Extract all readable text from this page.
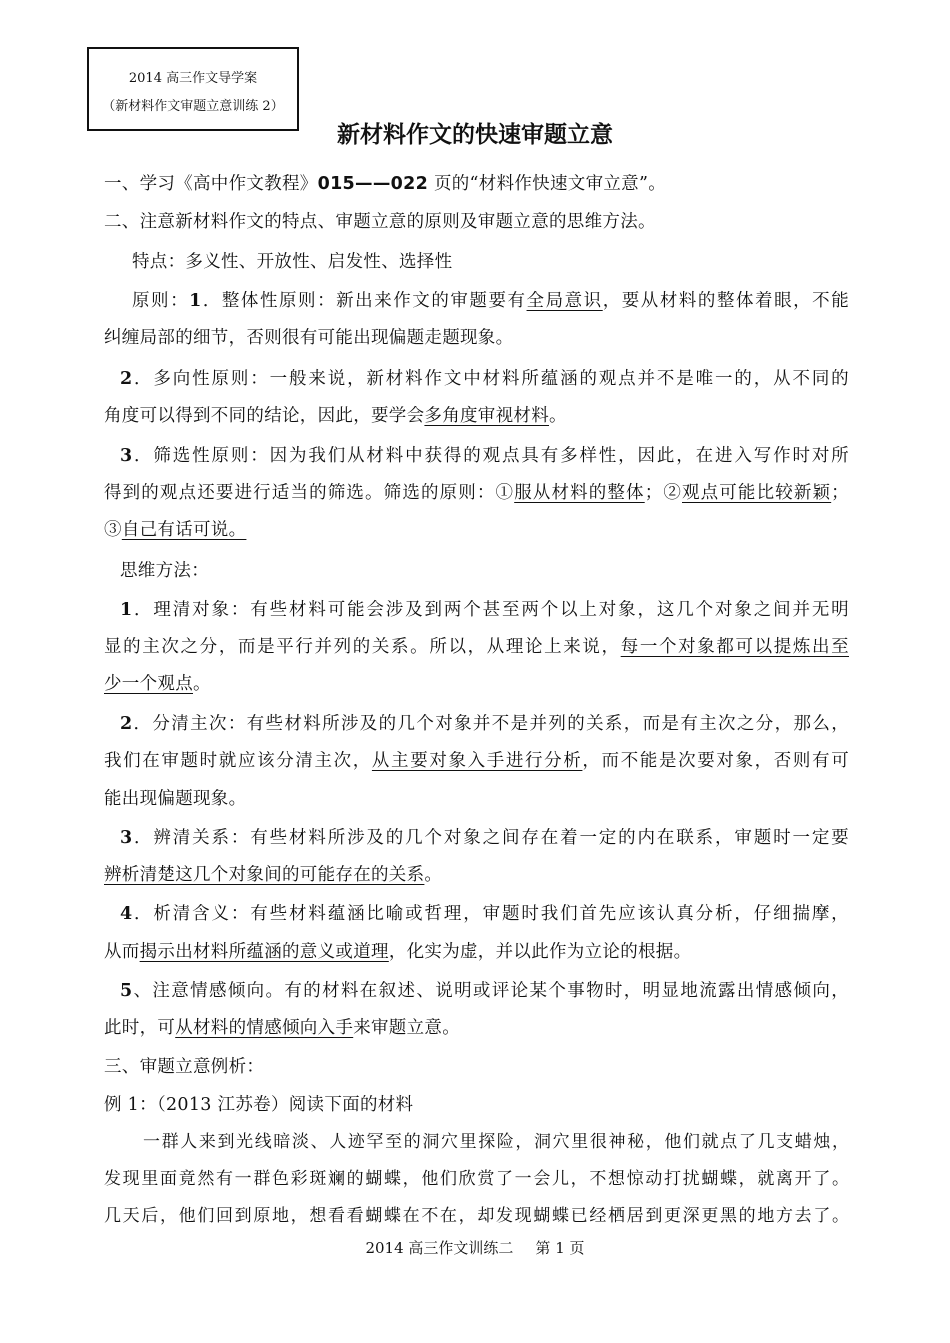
2014 高三作文导学案
（新材料作文审题立意训练 2）
新材料作文的快速审题立意
一、学习《高中作文教程》015——022 页的“材料作快速文审立意”。
二、注意新材料作文的特点、审题立意的原则及审题立意的思维方法。
特点：多义性、开放性、启发性、选择性
原则：1．整体性原则：新出来作文的审题要有全局意识，要从材料的整体着眼，不能
纠缠局部的细节，否则很有可能出现偏题走题现象。
2．多向性原则：一般来说，新材料作文中材料所蕴涵的观点并不是唯一的，从不同的
角度可以得到不同的结论，因此，要学会多角度审视材料。
3．筛选性原则：因为我们从材料中获得的观点具有多样性，因此，在进入写作时对所
得到的观点还要进行适当的筛选。筛选的原则：①服从材料的整体；②观点可能比较新颖；
③自己有话可说。
思维方法：
1．理清对象：有些材料可能会涉及到两个甚至两个以上对象，这几个对象之间并无明
显的主次之分，而是平行并列的关系。所以，从理论上来说，每一个对象都可以提炼出至
少一个观点。
2．分清主次：有些材料所涉及的几个对象并不是并列的关系，而是有主次之分，那么，
我们在审题时就应该分清主次，从主要对象入手进行分析，而不能是次要对象，否则有可
能出现偏题现象。
3．辨清关系：有些材料所涉及的几个对象之间存在着一定的内在联系，审题时一定要
辨析清楚这几个对象间的可能存在的关系。
4．析清含义：有些材料蕴涵比喻或哲理，审题时我们首先应该认真分析，仔细揣摩，
从而揭示出材料所蕴涵的意义或道理，化实为虚，并以此作为立论的根据。
5、注意情感倾向。有的材料在叙述、说明或评论某个事物时，明显地流露出情感倾向，
此时，可从材料的情感倾向入手来审题立意。
三、审题立意例析：
例 1：（2013 江苏卷）阅读下面的材料
一群人来到光线暗淡、人迹罕至的洞穴里探险，洞穴里很神秘，他们就点了几支蜡烛，
发现里面竟然有一群色彩斑斓的蝴蝶，他们欣赏了一会儿，不想惊动打扰蝴蝶，就离开了。
几天后，他们回到原地，想看看蝴蝶在不在，却发现蝴蝶已经栖居到更深更黑的地方去了。
2014 高三作文训练二 第 1 页
